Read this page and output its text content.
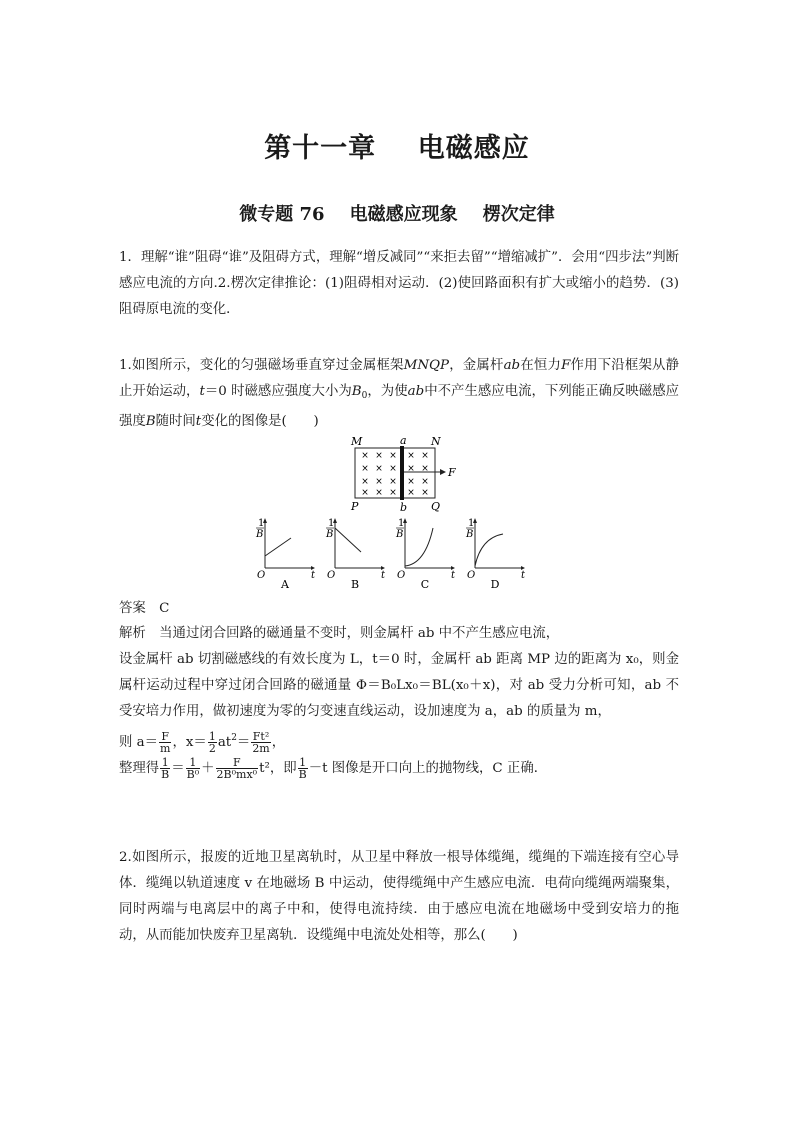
第十一章    电磁感应
微专题 76    电磁感应现象    楞次定律
1．理解“谁”阻碍“谁”及阻碍方式，理解“增反减同”“来拒去留”“增缩减扩”．会用“四步法”判断感应电流的方向.2.楞次定律推论：(1)阻碍相对运动．(2)使回路面积有扩大或缩小的趋势．(3)阻碍原电流的变化．
1.如图所示，变化的匀强磁场垂直穿过金属框架MNQP，金属杆ab在恒力F作用下沿框架从静止开始运动，t＝0 时磁感应强度大小为$B_0$，为使ab中不产生感应电流，下列能正确反映磁感应强度B随时间t变化的图像是(　　)
M	a N
P	b Q
F
× × × × ×
× × × × ×
× × × × ×
× × × × ×
1
B
O	t
A
1
B
O	t
B
1
B
O	t
C
1
B
O	t
D
答案　 C
解析　 当通过闭合回路的磁通量不变时，则金属杆 ab 中不产生感应电流，
设金属杆 ab 切割磁感线的有效长度为 L，t＝0 时，金属杆 ab 距离 MP 边的距离为 x₀，则金属杆运动过程中穿过闭合回路的磁通量 Φ＝B₀Lx₀＝BL(x₀＋x)，对 ab 受力分析可知，ab 不受安培力作用，做初速度为零的匀变速直线运动，设加速度为 a，ab 的质量为 m，
则 $a= \frac{F}{m}$ ，$x= \frac{1}{2} at^2= \frac{\text{Ft²}}{2m}$ ，
整理得 $\frac{1}{B} = \frac{1}{\text{B⁰}} + \frac{F}{\text{2B⁰mx⁰}} t^2$，即 $\frac{1}{B} -t$ 图像是开口向上的抛物线，C 正确．
2.如图所示，报废的近地卫星离轨时，从卫星中释放一根导体缆绳，缆绳的下端连接有空心导体．缆绳以轨道速度 v 在地磁场 B 中运动，使得缆绳中产生感应电流．电荷向缆绳两端聚集，同时两端与电离层中的离子中和，使得电流持续．由于感应电流在地磁场中受到安培力的拖动，从而能加快废弃卫星离轨．设缆绳中电流处处相等，那么(　　)
